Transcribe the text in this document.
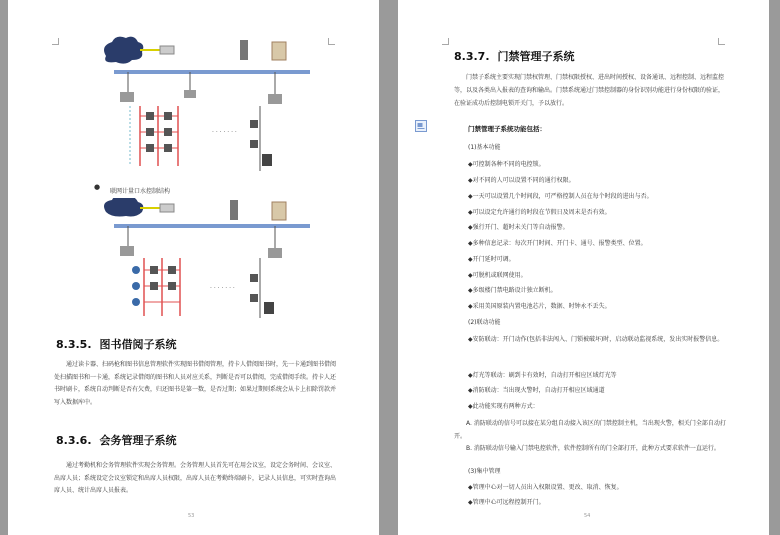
· · · · · · ·
●
联网计量口水控制结构
· · · · · · ·
8.3.5. 图书借阅子系统
通过读卡器、扫码枪和图书信息管理软件实现图书借阅管理，持卡人借阅图书时，先一卡通到图书借阅处扫描图书和一卡通，系统记录借阅的图书和人员对应关系，判断是否可以借阅，完成借阅手续。持卡人还书时刷卡，系统自动判断是否有欠费，归还图书是第一数，是否过期；如果过期则系统会从卡上扣除罚款并写入数据库中。
8.3.6. 会务管理子系统
通过考勤机和会务管理软件实现会务管理。会务管理人员首先可在用会议室，设定会务时间、会议室、出席人员；系统设定会议室锁定和出席人员权限，出席人员在考勤终端刷卡，记录人员信息，可实时查询出席人员、统计出席人员报表。
53
8.3.7. 门禁管理子系统
门禁子系统主要实现门禁权管理、门禁权限授权、进出时间授权、设备通讯、远程控制、远程监控等，以及各类出入报表的查询和输出。门禁系统通过门禁控制器的身份识别功能进行身份权限的验证，在验证成功后控制电锁开关门，予以放行。
门禁管理子系统功能包括：
54
(1)基本功能
◆可控制各种不同的电控锁。
◆对不同的人可以设置不同的通行权限。
◆一天可以设置几个时间段，可严格控制人员在每个时段的进出与否。
◆可以设定允许通行的时段在节假日及周末是否有效。
◆强行开门、超时未关门等自动报警。
◆多种信息记录：每次开门时间、开门卡、通号、报警类型、位置。
◆开门延时可调。
◆可脱机或联网使用。
◆多级楼门禁电路设计独立断机。
◆采用美国原装内置电池芯片，数据、时钟永不丢失。
(2)联动功能
◆安防联动：开门动作(包括非法闯入、门锁被破坏)时，启动联动监视系统，发出实时报警信息。
◆灯光等联动：刷到卡有效时，自动打开相应区域灯光等
◆消防联动：当出现火警时，自动打开相应区域通道
◆此功能实现有两种方式：
A. 消防联动的信号可以接在某分组自动接入该区的门禁控制主机，当出现火警，相关门全部自动打开。
B. 消防联动信号输入门禁电控软件，软件控制所有的门全部打开，此种方式要求软件一直运行。
(3)集中管理
◆管理中心对一切人员出入权限设置、更改、取消、恢复。
◆管理中心可远程控制开门。
